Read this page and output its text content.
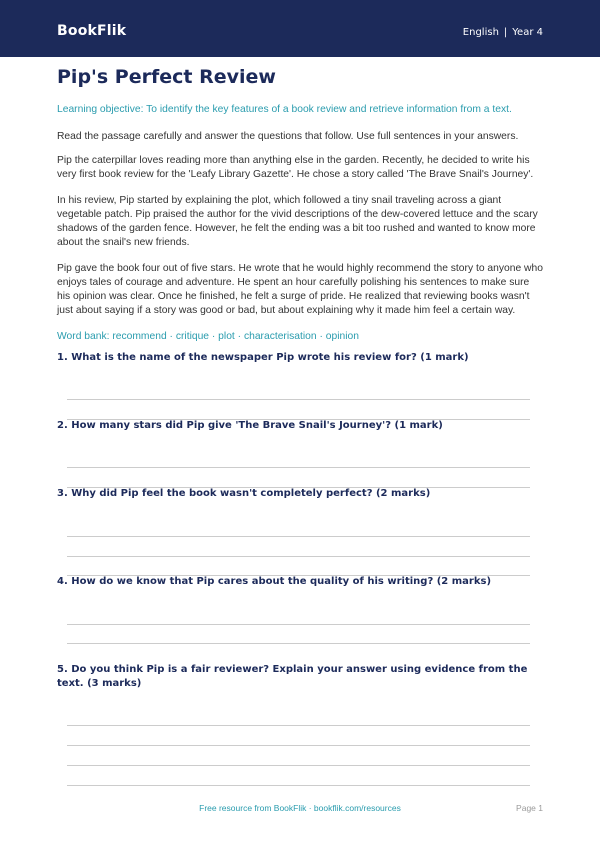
BookFlik	English | Year 4
Pip's Perfect Review
Learning objective: To identify the key features of a book review and retrieve information from a text.
Read the passage carefully and answer the questions that follow. Use full sentences in your answers.

Pip the caterpillar loves reading more than anything else in the garden. Recently, he decided to write his very first book review for the 'Leafy Library Gazette'. He chose a story called 'The Brave Snail's Journey'.

In his review, Pip started by explaining the plot, which followed a tiny snail traveling across a giant vegetable patch. Pip praised the author for the vivid descriptions of the dew-covered lettuce and the scary shadows of the garden fence. However, he felt the ending was a bit too rushed and wanted to know more about the snail's new friends.

Pip gave the book four out of five stars. He wrote that he would highly recommend the story to anyone who enjoys tales of courage and adventure. He spent an hour carefully polishing his sentences to make sure his opinion was clear. Once he finished, he felt a surge of pride. He realized that reviewing books wasn't just about saying if a story was good or bad, but about explaining why it made him feel a certain way.

Word bank: recommend · critique · plot · characterisation · opinion
1. What is the name of the newspaper Pip wrote his review for? (1 mark)
2. How many stars did Pip give 'The Brave Snail's Journey'? (1 mark)
3. Why did Pip feel the book wasn't completely perfect? (2 marks)
4. How do we know that Pip cares about the quality of his writing? (2 marks)
5. Do you think Pip is a fair reviewer? Explain your answer using evidence from the text. (3 marks)
Free resource from BookFlik · bookflik.com/resources	Page 1
